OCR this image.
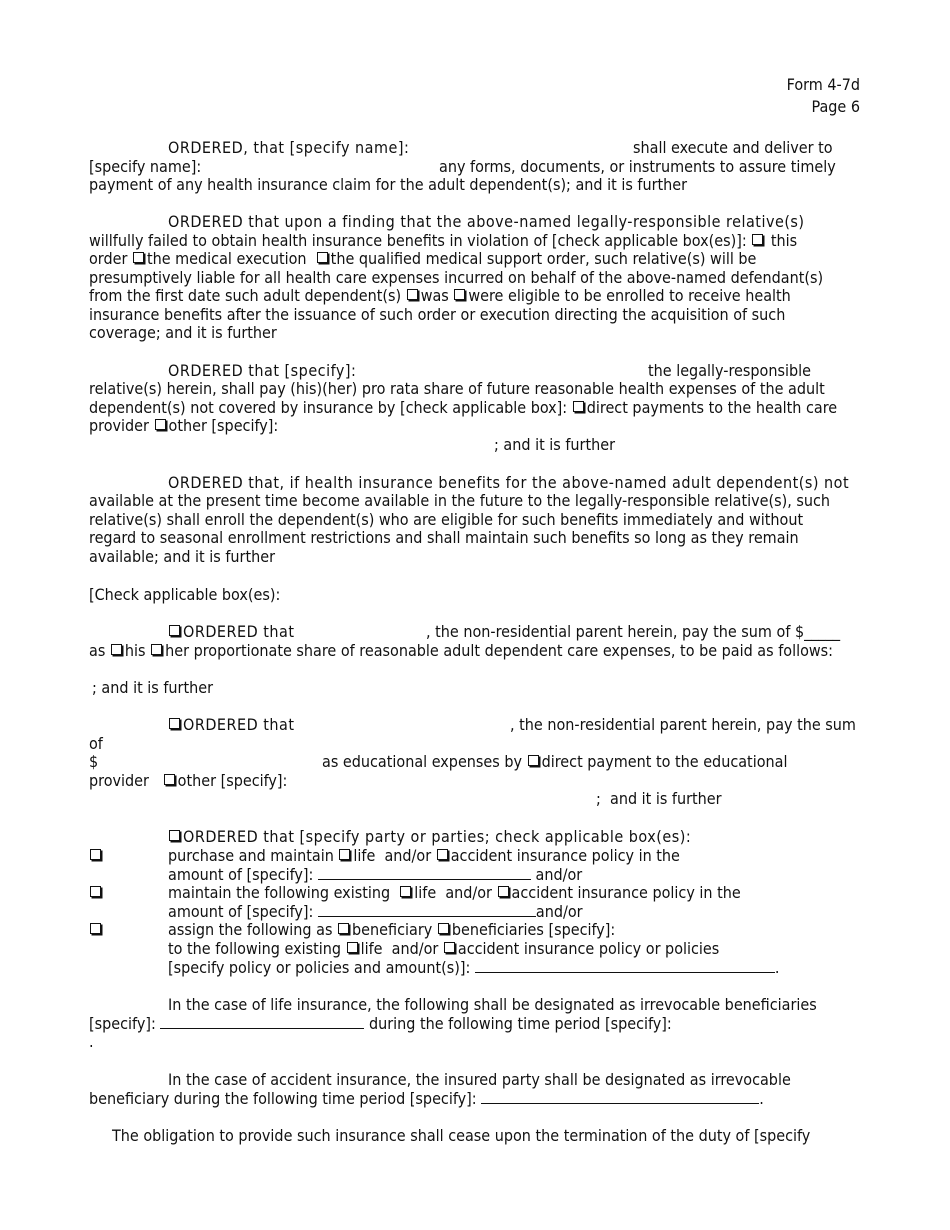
Form 4-7d
Page 6
ORDERED, that [specify name]:	shall execute and deliver to
[specify name]:	any forms, documents, or instruments to assure timely
payment of any health insurance claim for the adult dependent(s); and it is further
ORDERED that upon a finding that the above-named legally-responsible relative(s)
willfully failed to obtain health insurance benefits in violation of [check applicable box(es)]: this
order the medical execution the qualified medical support order, such relative(s) will be
presumptively liable for all health care expenses incurred on behalf of the above-named defendant(s)
from the first date such adult dependent(s) was were eligible to be enrolled to receive health
insurance benefits after the issuance of such order or execution directing the acquisition of such
coverage; and it is further
ORDERED that [specify]:	the legally-responsible
relative(s) herein, shall pay (his)(her) pro rata share of future reasonable health expenses of the adult
dependent(s) not covered by insurance by [check applicable box]: direct payments to the health care
provider other [specify]:
; and it is further
ORDERED that, if health insurance benefits for the above-named adult dependent(s) not
available at the present time become available in the future to the legally-responsible relative(s), such
relative(s) shall enroll the dependent(s) who are eligible for such benefits immediately and without
regard to seasonal enrollment restrictions and shall maintain such benefits so long as they remain
available; and it is further
[Check applicable box(es):
ORDERED that	, the non-residential parent herein, pay the sum of $_____
as his her proportionate share of reasonable adult dependent care expenses, to be paid as follows:
; and it is further
ORDERED that	, the non-residential parent herein, pay the sum
of
$	as educational expenses by direct payment to the educational
provider other [specify]:
;  and it is further
ORDERED that [specify party or parties; check applicable box(es):
purchase and maintain life  and/or accident insurance policy in the
amount of [specify]:	and/or
maintain the following existing life  and/or accident insurance policy in the
amount of [specify]:	and/or
assign the following as beneficiary beneficiaries [specify]:
to the following existing life  and/or accident insurance policy or policies
[specify policy or policies and amount(s)]:	.
In the case of life insurance, the following shall be designated as irrevocable beneficiaries
[specify]:	during the following time period [specify]:
.
In the case of accident insurance, the insured party shall be designated as irrevocable
beneficiary during the following time period [specify]:	.
The obligation to provide such insurance shall cease upon the termination of the duty of [specify
